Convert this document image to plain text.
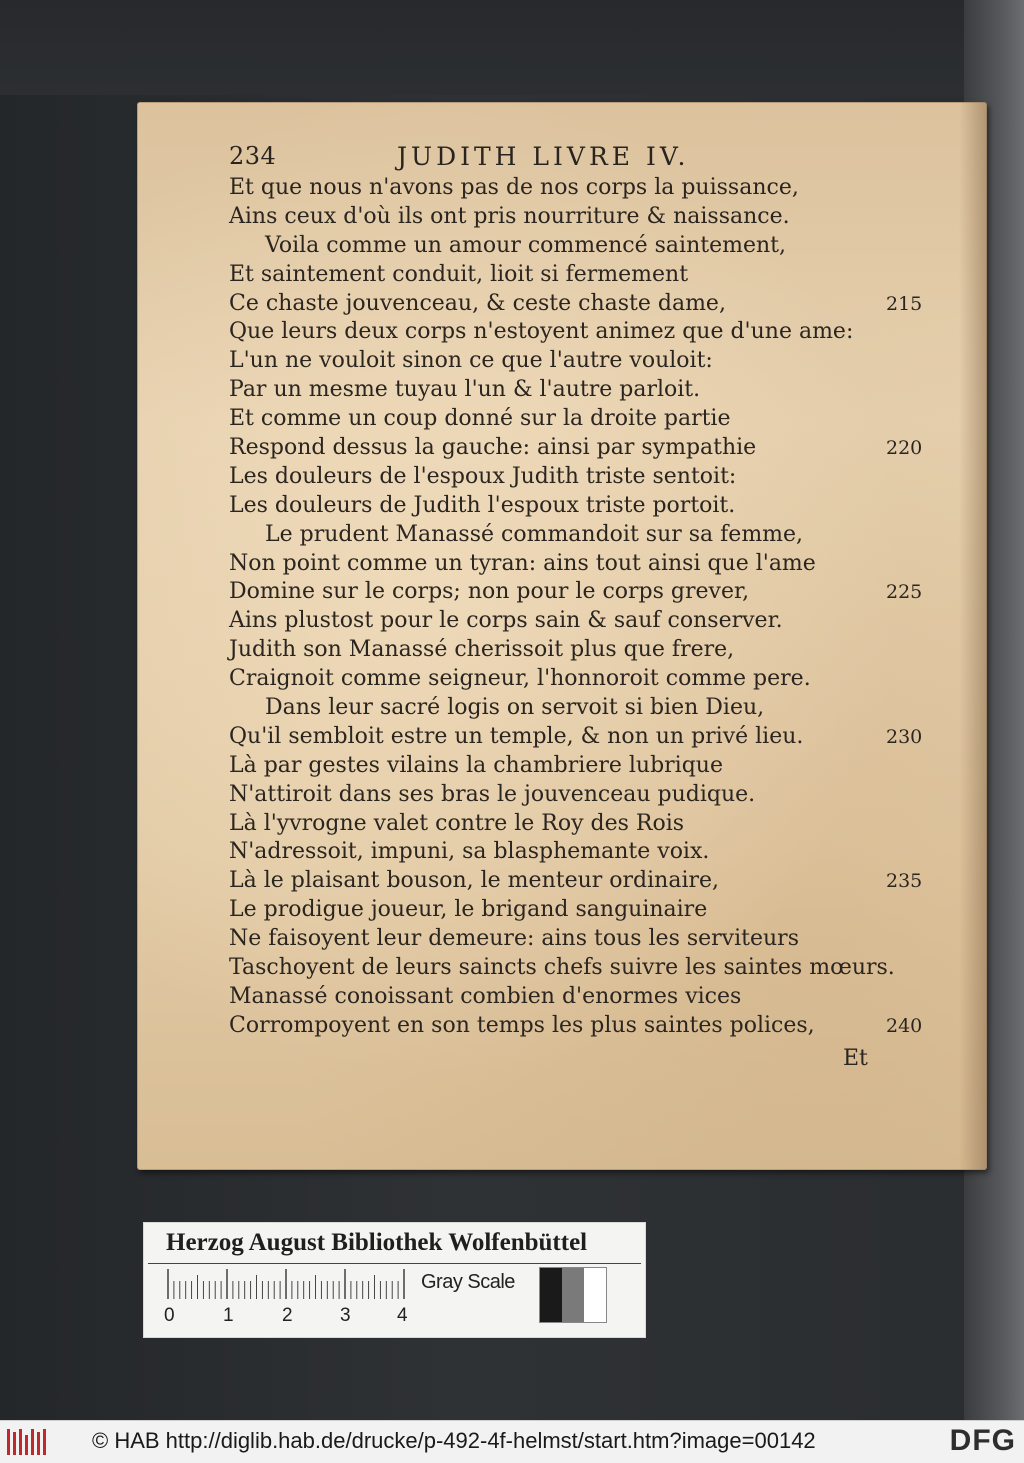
234	JUDITH LIVRE IV.
Et que nous n'avons pas de nos corps la puissance,
Ains ceux d'où ils ont pris nourriture & naissance.
Voila comme un amour commencé saintement,
Et saintement conduit, lioit si fermement
Ce chaste jouvenceau, & ceste chaste dame,	215
Que leurs deux corps n'estoyent animez que d'une ame:
L'un ne vouloit sinon ce que l'autre vouloit:
Par un mesme tuyau l'un & l'autre parloit.
Et comme un coup donné sur la droite partie
Respond dessus la gauche: ainsi par sympathie	220
Les douleurs de l'espoux Judith triste sentoit:
Les douleurs de Judith l'espoux triste portoit.
Le prudent Manassé commandoit sur sa femme,
Non point comme un tyran: ains tout ainsi que l'ame
Domine sur le corps; non pour le corps grever,	225
Ains plustost pour le corps sain & sauf conserver.
Judith son Manassé cherissoit plus que frere,
Craignoit comme seigneur, l'honnoroit comme pere.
Dans leur sacré logis on servoit si bien Dieu,
Qu'il sembloit estre un temple, & non un privé lieu.	230
Là par gestes vilains la chambriere lubrique
N'attiroit dans ses bras le jouvenceau pudique.
Là l'yvrogne valet contre le Roy des Rois
N'adressoit, impuni, sa blasphemante voix.
Là le plaisant bouson, le menteur ordinaire,	235
Le prodigue joueur, le brigand sanguinaire
Ne faisoyent leur demeure: ains tous les serviteurs
Taschoyent de leurs saincts chefs suivre les saintes mœurs.
Manassé conoissant combien d'enormes vices
Corrompoyent en son temps les plus saintes polices,	240
Et
Herzog August Bibliothek Wolfenbüttel
0	1	2 3 4
Gray Scale
© HAB http://diglib.hab.de/drucke/p-492-4f-helmst/start.htm?image=00142	DFG
